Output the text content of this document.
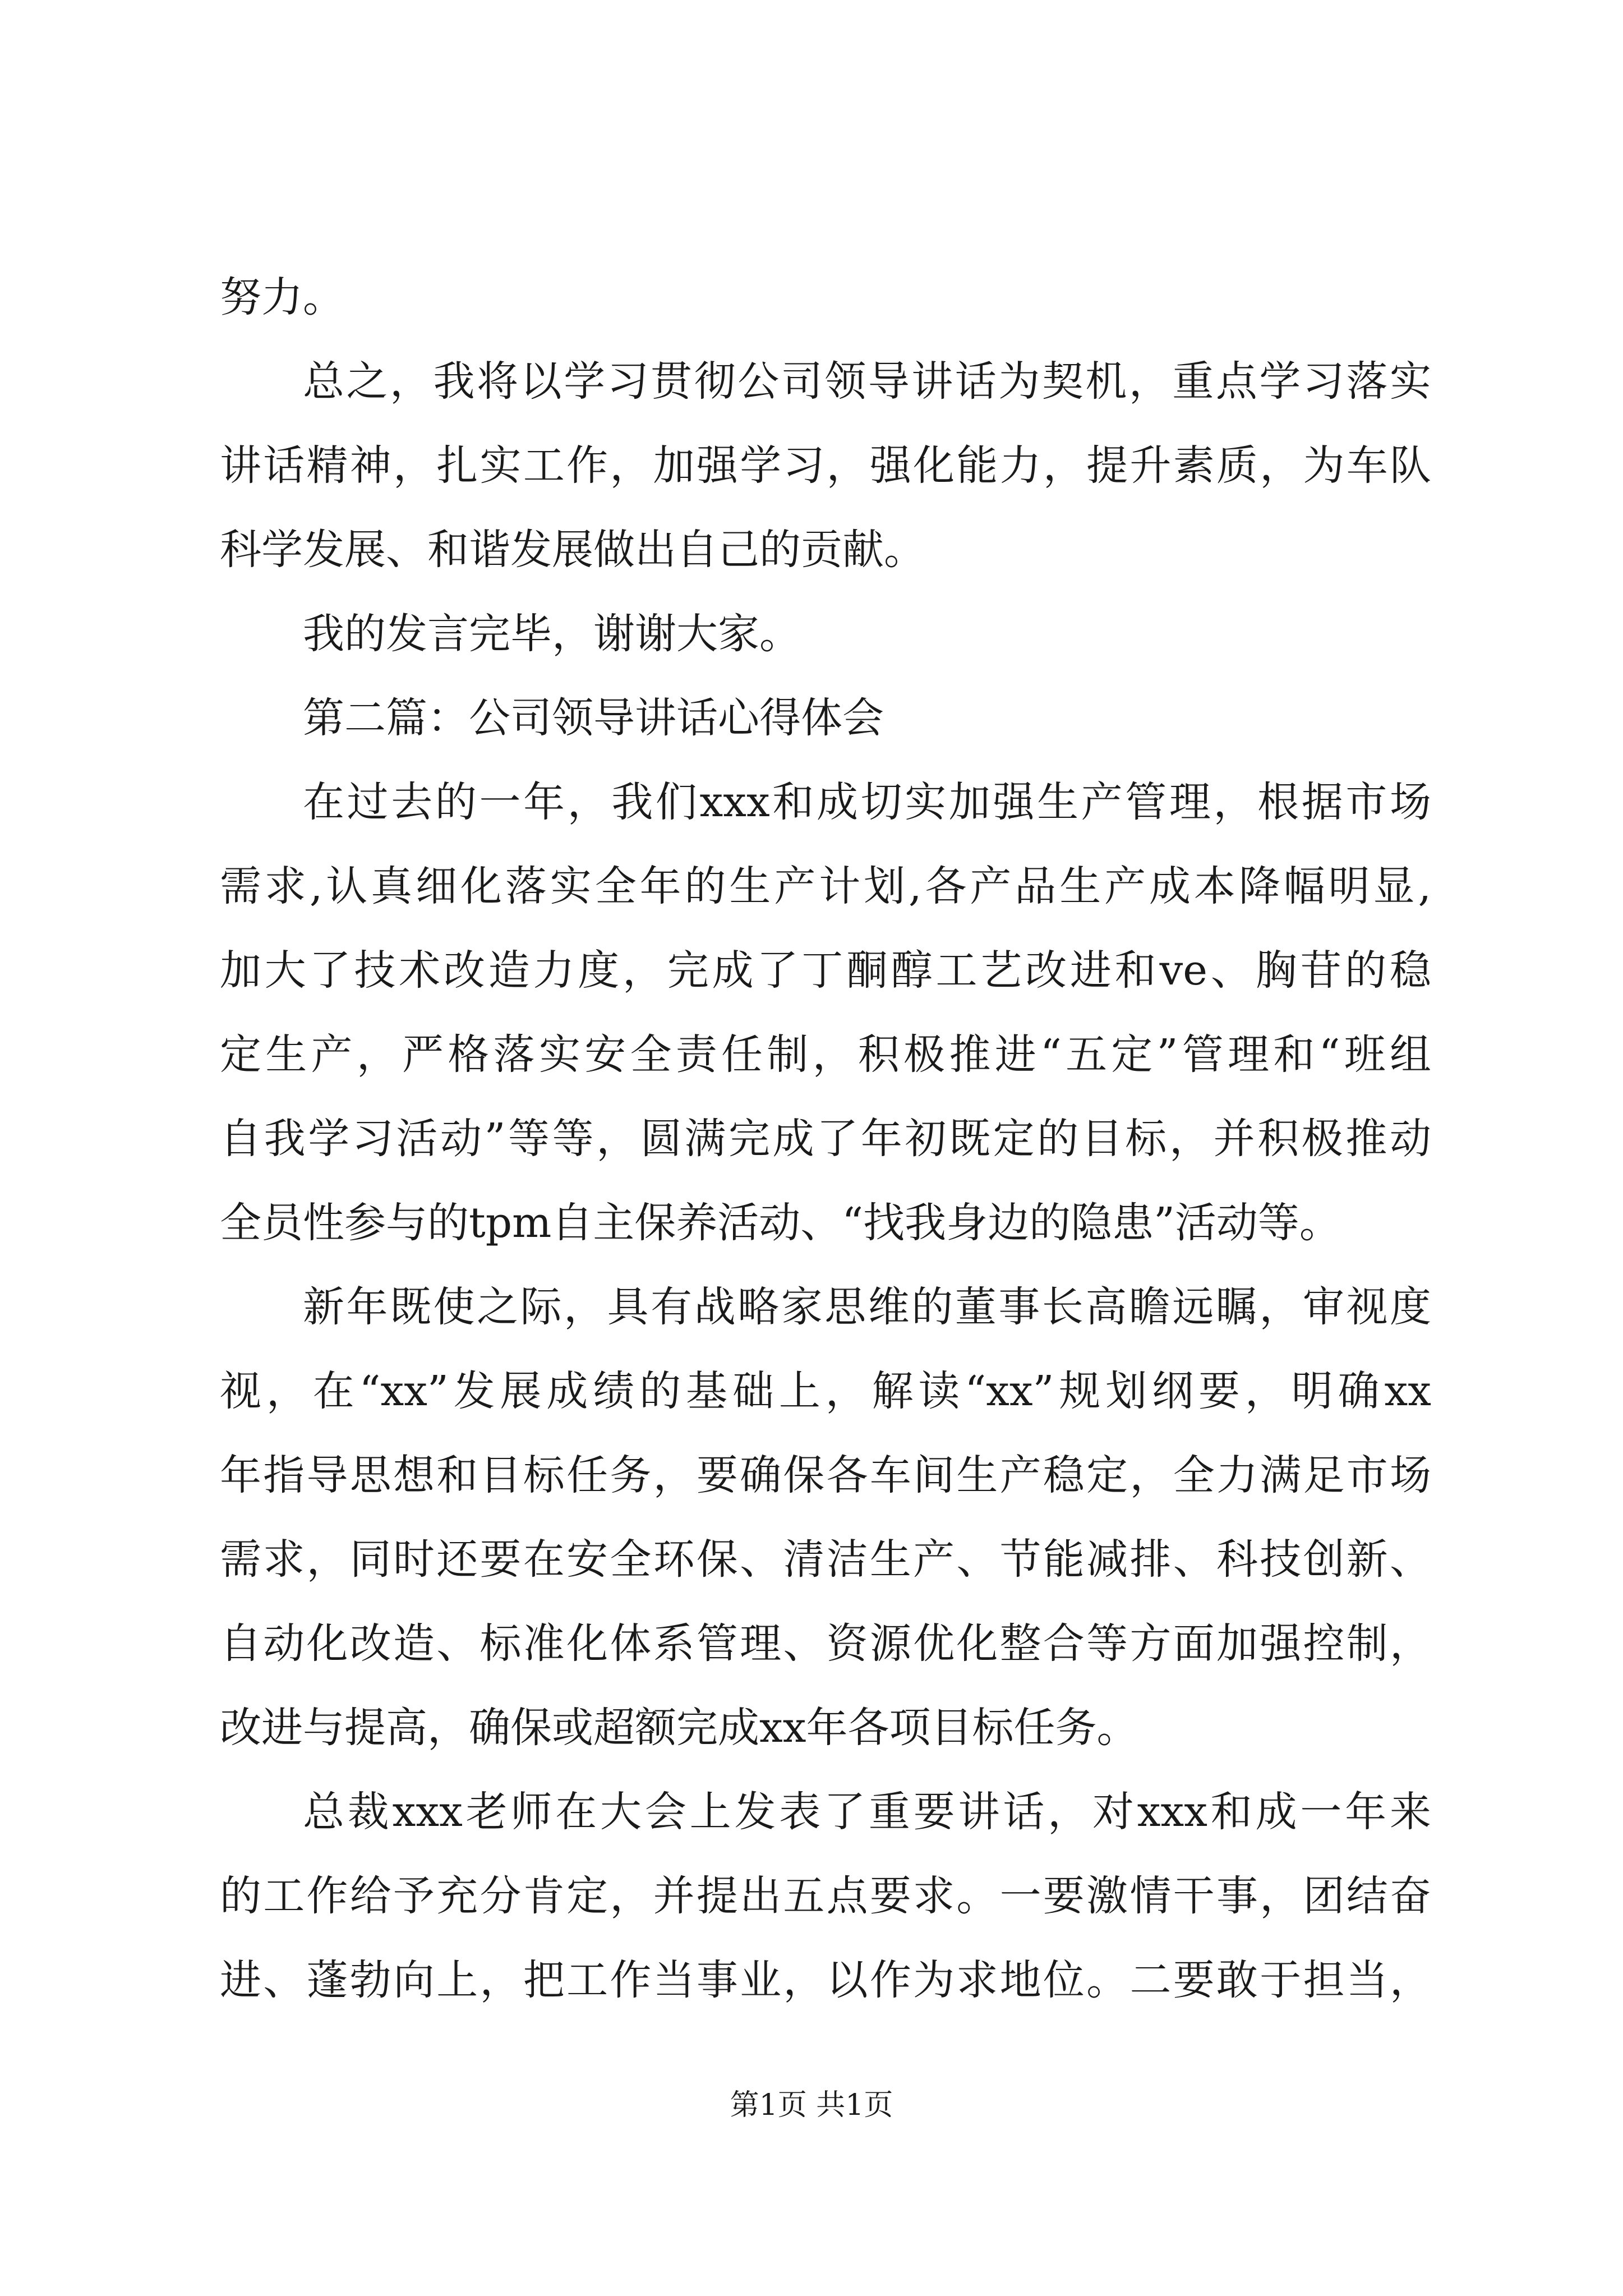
努力。
总之，我将以学习贯彻公司领导讲话为契机，重点学习落实
讲话精神，扎实工作，加强学习，强化能力，提升素质，为车队
科学发展、和谐发展做出自己的贡献。
我的发言完毕，谢谢大家。
第二篇：公司领导讲话心得体会
在过去的一年，我们xxx和成切实加强生产管理，根据市场
需求,认真细化落实全年的生产计划,各产品生产成本降幅明显,
加大了技术改造力度，完成了丁酮醇工艺改进和ve、胸苷的稳
定生产，严格落实安全责任制，积极推进“五定”管理和“班组
自我学习活动”等等，圆满完成了年初既定的目标，并积极推动
全员性参与的tpm自主保养活动、“找我身边的隐患”活动等。
新年既使之际，具有战略家思维的董事长高瞻远瞩，审视度
视，在“xx”发展成绩的基础上，解读“xx”规划纲要，明确xx
年指导思想和目标任务，要确保各车间生产稳定，全力满足市场
需求，同时还要在安全环保、清洁生产、节能减排、科技创新、
自动化改造、标准化体系管理、资源优化整合等方面加强控制，
改进与提高，确保或超额完成xx年各项目标任务。
总裁xxx老师在大会上发表了重要讲话，对xxx和成一年来
的工作给予充分肯定，并提出五点要求。一要激情干事，团结奋
进、蓬勃向上，把工作当事业，以作为求地位。二要敢于担当，
第1页 共1页
